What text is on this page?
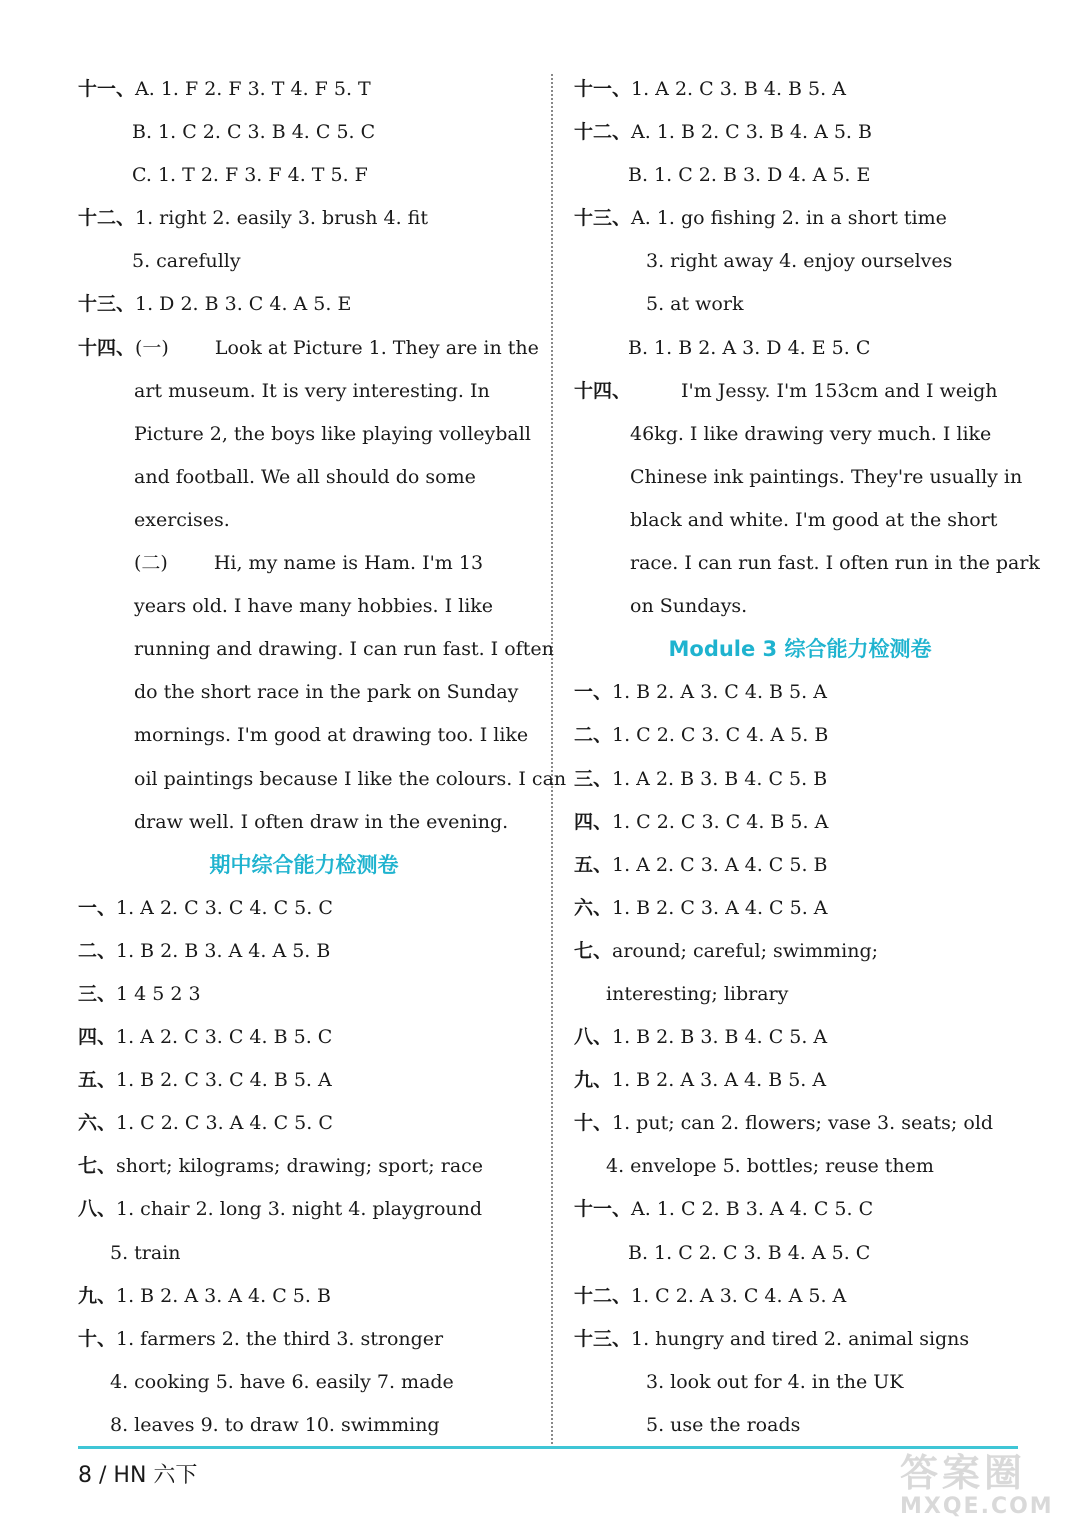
十一、A. 1. F 2. F 3. T 4. F 5. T
B. 1. C 2. C 3. B 4. C 5. C
C. 1. T 2. F 3. F 4. T 5. F
十二、1. right 2. easily 3. brush 4. fit
5. carefully
十三、1. D 2. B 3. C 4. A 5. E
十四、 (一) Look at Picture 1. They are in the
art museum. It is very interesting. In
Picture 2, the boys like playing volleyball
and football. We all should do some
exercises.
(二) Hi, my name is Ham. I'm 13
years old. I have many hobbies. I like
running and drawing. I can run fast. I often
do the short race in the park on Sunday
mornings. I'm good at drawing too. I like
oil paintings because I like the colours. I can
draw well. I often draw in the evening.
期中综合能力检测卷
一、1. A 2. C 3. C 4. C 5. C
二、1. B 2. B 3. A 4. A 5. B
三、1 4 5 2 3
四、1. A 2. C 3. C 4. B 5. C
五、1. B 2. C 3. C 4. B 5. A
六、1. C 2. C 3. A 4. C 5. C
七、short; kilograms; drawing; sport; race
八、1. chair 2. long 3. night 4. playground
5. train
九、1. B 2. A 3. A 4. C 5. B
十、1. farmers 2. the third 3. stronger
4. cooking 5. have 6. easily 7. made
8. leaves 9. to draw 10. swimming
十一、1. A 2. C 3. B 4. B 5. A
十二、A. 1. B 2. C 3. B 4. A 5. B
B. 1. C 2. B 3. D 4. A 5. E
十三、A. 1. go fishing 2. in a short time
3. right away 4. enjoy ourselves
5. at work
B. 1. B 2. A 3. D 4. E 5. C
十四、	I'm Jessy. I'm 153cm and I weigh
46kg. I like drawing very much. I like
Chinese ink paintings. They're usually in
black and white. I'm good at the short
race. I can run fast. I often run in the park
on Sundays.
Module 3 综合能力检测卷
一、1. B 2. A 3. C 4. B 5. A
二、1. C 2. C 3. C 4. A 5. B
三、1. A 2. B 3. B 4. C 5. B
四、1. C 2. C 3. C 4. B 5. A
五、1. A 2. C 3. A 4. C 5. B
六、1. B 2. C 3. A 4. C 5. A
七、around; careful; swimming;
interesting; library
八、1. B 2. B 3. B 4. C 5. A
九、1. B 2. A 3. A 4. B 5. A
十、1. put; can 2. flowers; vase 3. seats; old
4. envelope 5. bottles; reuse them
十一、A. 1. C 2. B 3. A 4. C 5. C
B. 1. C 2. C 3. B 4. A 5. C
十二、1. C 2. A 3. C 4. A 5. A
十三、1. hungry and tired 2. animal signs
3. look out for 4. in the UK
5. use the roads
8 / HN 六下	答案圈
MXQE.COM
